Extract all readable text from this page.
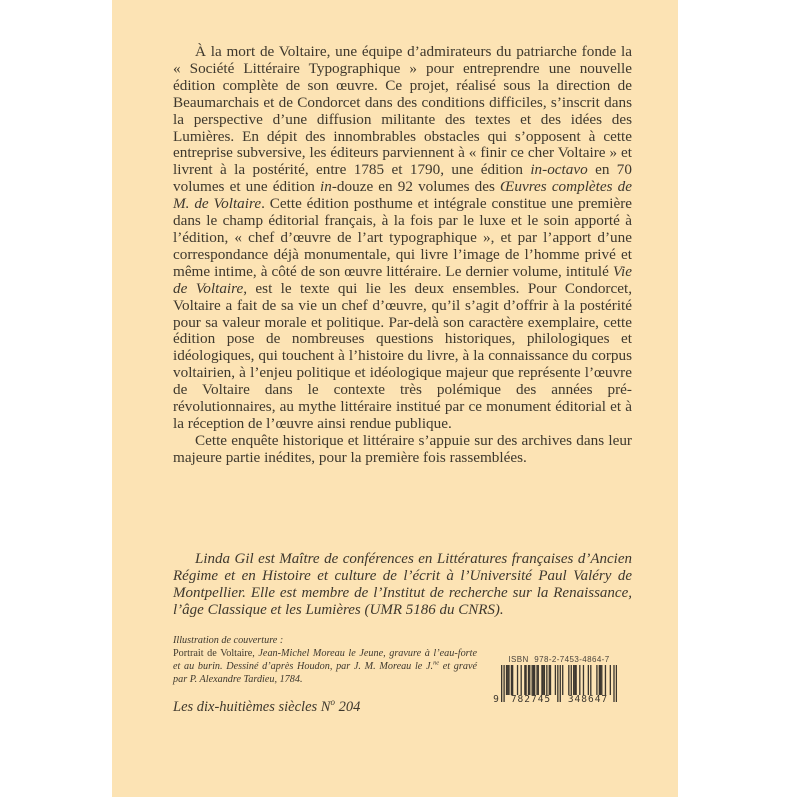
À la mort de Voltaire, une équipe d’admirateurs du patriarche fonde la « Société Littéraire Typographique » pour entreprendre une nouvelle édition complète de son œuvre. Ce projet, réalisé sous la direction de Beaumarchais et de Condorcet dans des conditions difficiles, s’inscrit dans la perspective d’une diffusion militante des textes et des idées des Lumières. En dépit des innombrables obstacles qui s’opposent à cette entreprise subversive, les éditeurs parviennent à « finir ce cher Voltaire » et livrent à la postérité, entre 1785 et 1790, une édition in-octavo en 70 volumes et une édition in-douze en 92 volumes des Œuvres complètes de M. de Voltaire. Cette édition posthume et intégrale constitue une première dans le champ éditorial français, à la fois par le luxe et le soin apporté à l’édition, « chef d’œuvre de l’art typographique », et par l’apport d’une correspondance déjà monumentale, qui livre l’image de l’homme privé et même intime, à côté de son œuvre littéraire. Le dernier volume, intitulé Vie de Voltaire, est le texte qui lie les deux ensembles. Pour Condorcet, Voltaire a fait de sa vie un chef d’œuvre, qu’il s’agit d’offrir à la postérité pour sa valeur morale et politique. Par-delà son caractère exemplaire, cette édition pose de nombreuses questions historiques, philologiques et idéologiques, qui touchent à l’histoire du livre, à la connaissance du corpus voltairien, à l’enjeu politique et idéologique majeur que représente l’œuvre de Voltaire dans le contexte très polémique des années pré-révolutionnaires, au mythe littéraire institué par ce monument éditorial et à la réception de l’œuvre ainsi rendue publique.

Cette enquête historique et littéraire s’appuie sur des archives dans leur majeure partie inédites, pour la première fois rassemblées.

Linda Gil est Maître de conférences en Littératures françaises d’Ancien Régime et en Histoire et culture de l’écrit à l’Université Paul Valéry de Montpellier. Elle est membre de l’Institut de recherche sur la Renaissance, l’âge Classique et les Lumières (UMR 5186 du CNRS).

Illustration de couverture :

Portrait de Voltaire, Jean-Michel Moreau le Jeune, gravure à l’eau-forte et au burin. Dessiné d’après Houdon, par J. M. Moreau le J.$^{ne}$ et gravé par P. Alexandre Tardieu, 1784.

Les dix-huitièmes siècles $N^o$ 204

ISBN 978-2-7453-4864-7

9	782745	348647
